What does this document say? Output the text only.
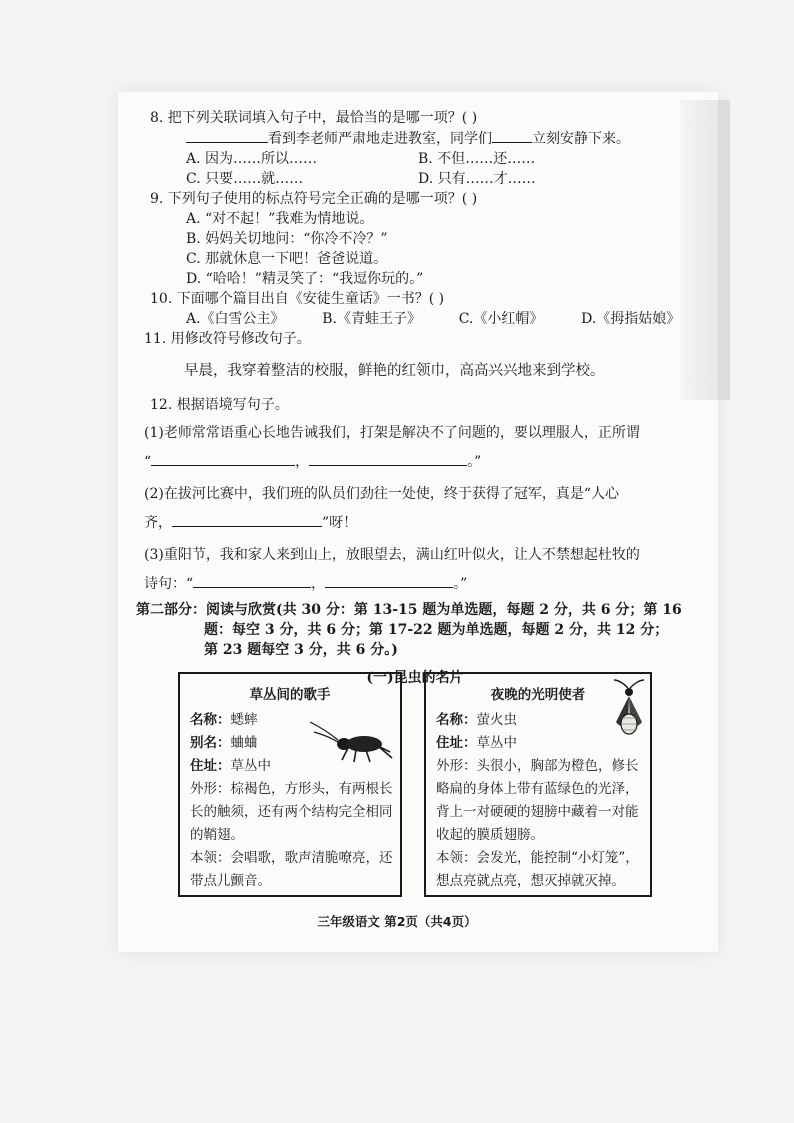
8. 把下列关联词填入句子中，最恰当的是哪一项？( )

看到李老师严肃地走进教室，同学们	立刻安静下来。

A. 因为……所以……	B. 不但……还……
C. 只要……就……	D. 只有……才……

9. 下列句子使用的标点符号完全正确的是哪一项？( )

A. “对不起！”我难为情地说。

B. 妈妈关切地问：“你冷不冷？”

C. 那就休息一下吧！爸爸说道。

D. “哈哈！”精灵笑了：“我逗你玩的。”

10. 下面哪个篇目出自《安徒生童话》一书？( )

A.《白雪公主》	B.《青蛙王子》	C.《小红帽》	D.《拇指姑娘》

11. 用修改符号修改句子。

早晨，我穿着整洁的校服，鲜艳的红领巾，高高兴兴地来到学校。

12. 根据语境写句子。

(1)老师常常语重心长地告诫我们，打架是解决不了问题的，要以理服人，正所谓

“	，	。”

(2)在拔河比赛中，我们班的队员们劲往一处使，终于获得了冠军，真是“人心

齐，	”呀！

(3)重阳节，我和家人来到山上，放眼望去，满山红叶似火，让人不禁想起杜牧的

诗句：“	，	。”

第二部分：阅读与欣赏(共 30 分：第 13-15 题为单选题，每题 2 分，共 6 分；第 16
题：每空 3 分，共 6 分；第 17-22 题为单选题，每题 2 分，共 12 分；
第 23 题每空 3 分，共 6 分。)
(一)昆虫的名片
草丛间的歌手
名称：蟋蟀
别名：蛐蛐
住址：草丛中
外形：棕褐色，方形头，有两根长
长的触须，还有两个结构完全相同
的鞘翅。
本领：会唱歌，歌声清脆嘹亮，还
带点儿颤音。
夜晚的光明使者
名称：萤火虫
住址：草丛中
外形：头很小，胸部为橙色，修长
略扁的身体上带有蓝绿色的光泽，
背上一对硬硬的翅膀中藏着一对能
收起的膜质翅膀。
本领：会发光，能控制“小灯笼”，
想点亮就点亮，想灭掉就灭掉。
三年级语文 第2页（共4页）
